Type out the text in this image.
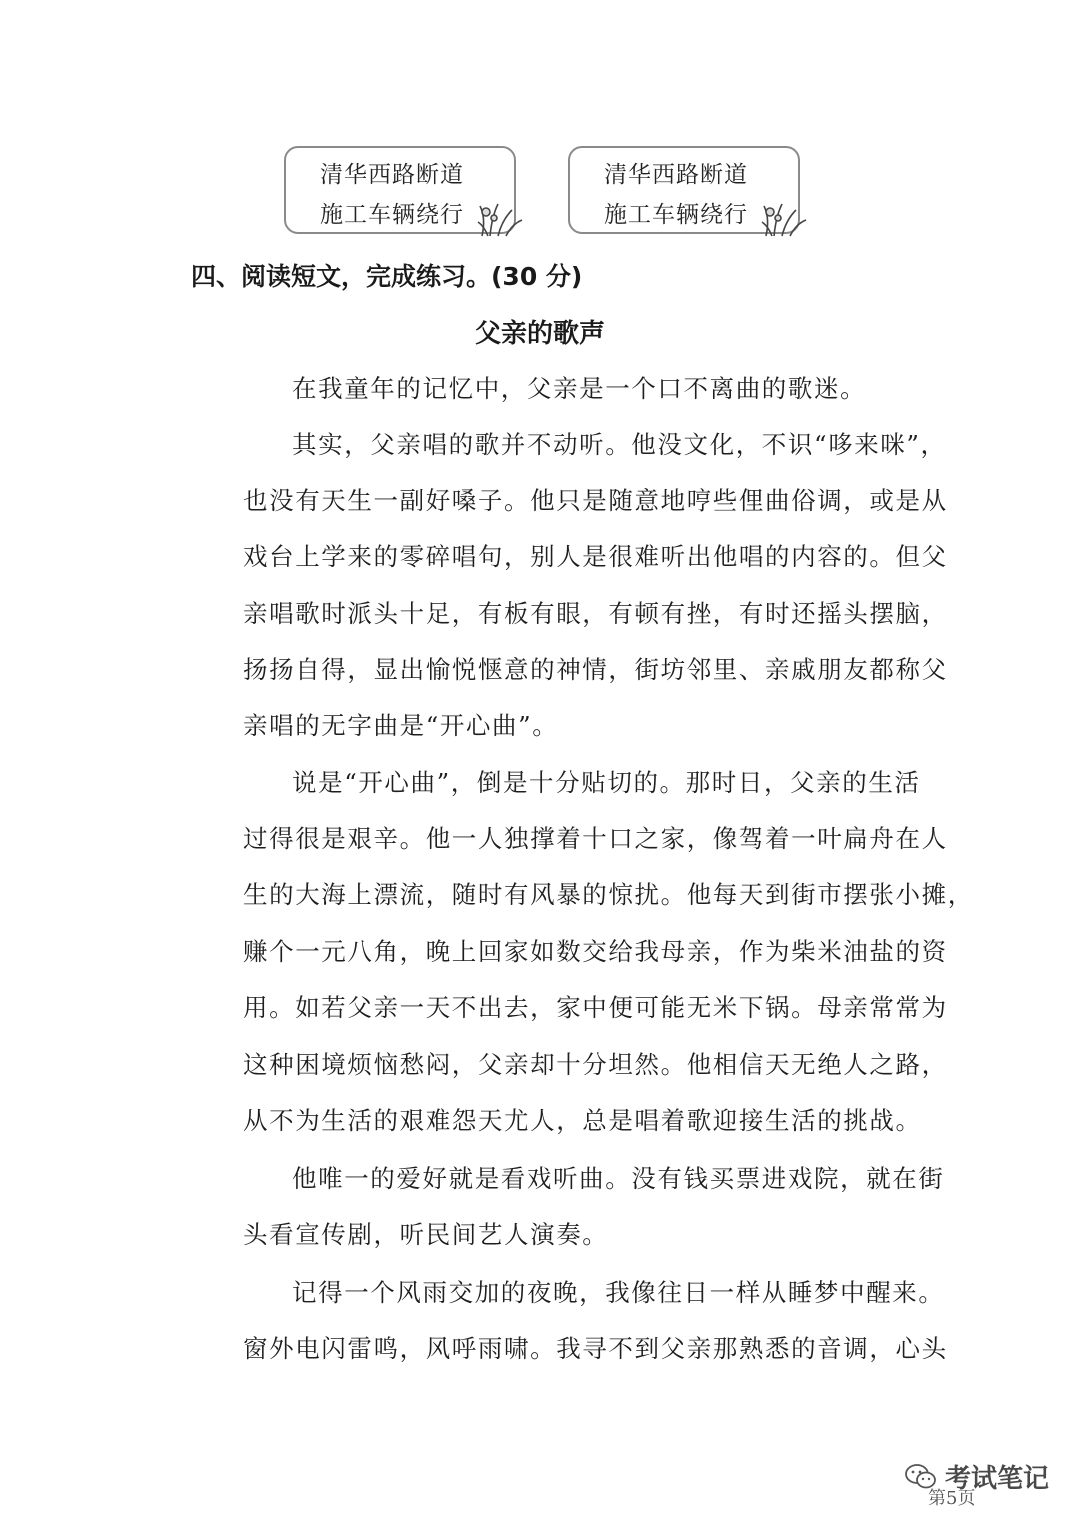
清华西路断道
施工车辆绕行
清华西路断道
施工车辆绕行
四、阅读短文，完成练习。(30 分)
父亲的歌声
在我童年的记忆中，父亲是一个口不离曲的歌迷。
其实，父亲唱的歌并不动听。他没文化，不识“哆来咪”，
也没有天生一副好嗓子。他只是随意地哼些俚曲俗调，或是从
戏台上学来的零碎唱句，别人是很难听出他唱的内容的。但父
亲唱歌时派头十足，有板有眼，有顿有挫，有时还摇头摆脑，
扬扬自得，显出愉悦惬意的神情，街坊邻里、亲戚朋友都称父
亲唱的无字曲是“开心曲”。
说是“开心曲”，倒是十分贴切的。那时日，父亲的生活
过得很是艰辛。他一人独撑着十口之家，像驾着一叶扁舟在人
生的大海上漂流，随时有风暴的惊扰。他每天到街市摆张小摊，
赚个一元八角，晚上回家如数交给我母亲，作为柴米油盐的资
用。如若父亲一天不出去，家中便可能无米下锅。母亲常常为
这种困境烦恼愁闷，父亲却十分坦然。他相信天无绝人之路，
从不为生活的艰难怨天尤人，总是唱着歌迎接生活的挑战。
他唯一的爱好就是看戏听曲。没有钱买票进戏院，就在街
头看宣传剧，听民间艺人演奏。
记得一个风雨交加的夜晚，我像往日一样从睡梦中醒来。
窗外电闪雷鸣，风呼雨啸。我寻不到父亲那熟悉的音调，心头
考试笔记
第5页
